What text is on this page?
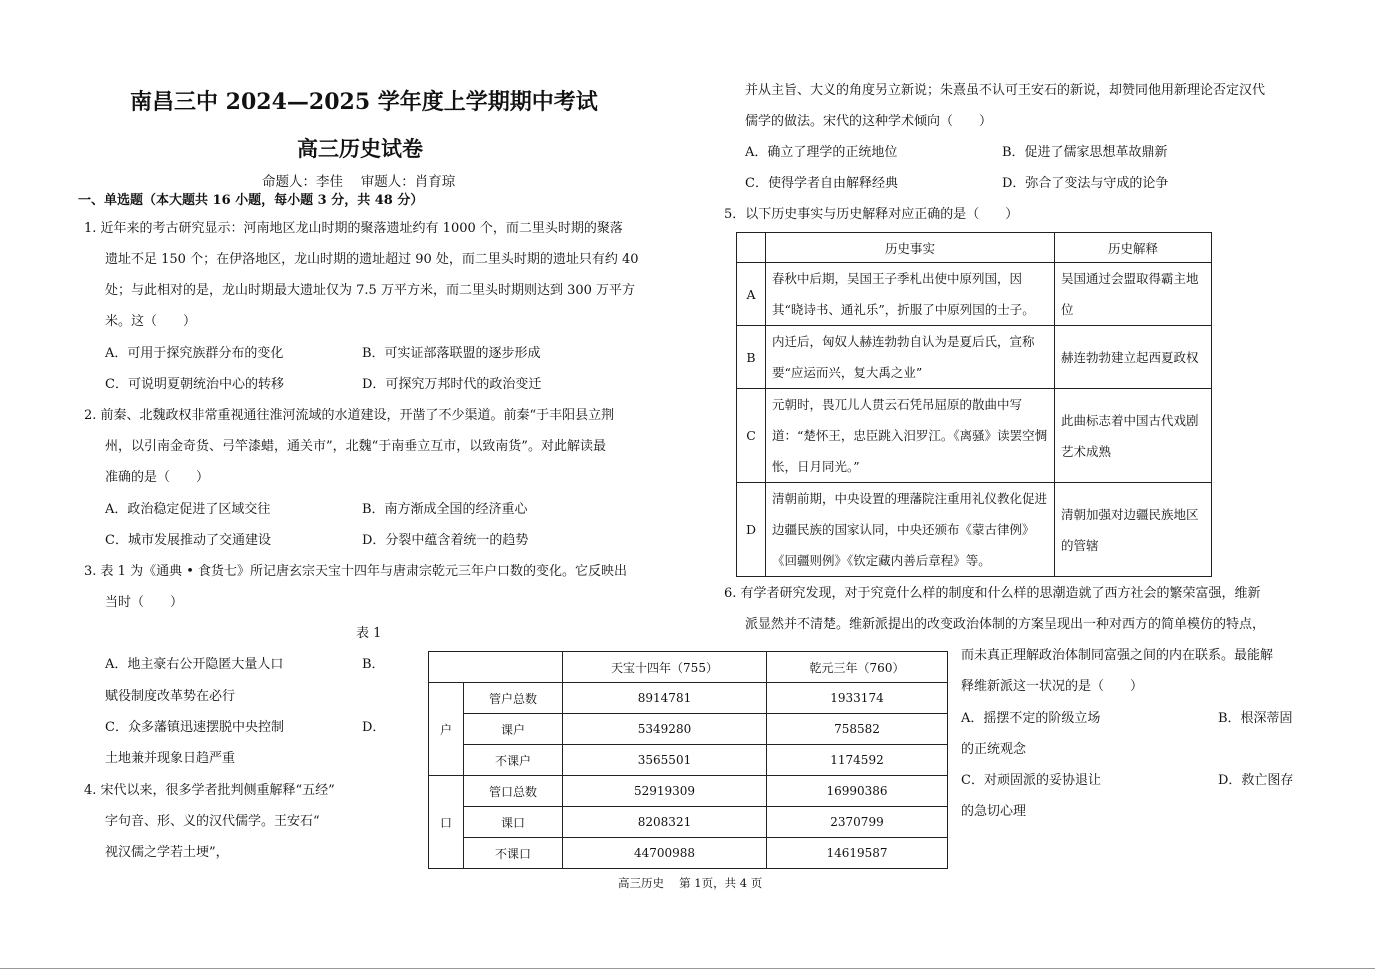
南昌三中 2024—2025 学年度上学期期中考试
高三历史试卷
命题人：李佳　 审题人：肖育琼
一、单选题（本大题共 16 小题，每小题 3 分，共 48 分）
1. 近年来的考古研究显示：河南地区龙山时期的聚落遗址约有 1000 个，而二里头时期的聚落
遗址不足 150 个；在伊洛地区，龙山时期的遗址超过 90 处，而二里头时期的遗址只有约 40
处；与此相对的是，龙山时期最大遗址仅为 7.5 万平方米，而二里头时期则达到 300 万平方
米。这（　　）
A．可用于探究族群分布的变化	B．可实证部落联盟的逐步形成
C．可说明夏朝统治中心的转移	D．可探究万邦时代的政治变迁
2. 前秦、北魏政权非常重视通往淮河流域的水道建设，开凿了不少渠道。前秦“于丰阳县立荆
州，以引南金奇货、弓竿漆蜡，通关市”，北魏“于南垂立互市，以致南货”。对此解读最
准确的是（　　）
A．政治稳定促进了区域交往	B．南方渐成全国的经济重心
C．城市发展推动了交通建设	D．分裂中蕴含着统一的趋势
3. 表 1 为《通典 • 食货七》所记唐玄宗天宝十四年与唐肃宗乾元三年户口数的变化。它反映出
当时（　　）
表 1
A．地主豪右公开隐匿大量人口	B．
赋役制度改革势在必行
C．众多藩镇迅速摆脱中央控制	D．
土地兼并现象日趋严重
4. 宋代以来，很多学者批判侧重解释“五经”
字句音、形、义的汉代儒学。王安石“
视汉儒之学若土埂”，
		天宝十四年（755）	乾元三年（760）
户	管户总数	8914781	1933174
	课户	5349280	758582
	不课户	3565501	1174592
口	管口总数	52919309	16990386
	课口	8208321	2370799
	不课口	44700988	14619587
高三历史　 第 1页，共 4 页
并从主旨、大义的角度另立新说；朱熹虽不认可王安石的新说，却赞同他用新理论否定汉代
儒学的做法。宋代的这种学术倾向（　　）
A．确立了理学的正统地位	B．促进了儒家思想革故鼎新
C．使得学者自由解释经典	D．弥合了变法与守成的论争
5．以下历史事实与历史解释对应正确的是（　　）
	历史事实	历史解释
A	春秋中后期，吴国王子季札出使中原列国，因其“晓诗书、通礼乐”，折服了中原列国的士子。	吴国通过会盟取得霸主地位

B	内迁后，匈奴人赫连勃勃自认为是夏后氏，宣称要“应运而兴，复大禹之业”	赫连勃勃建立起西夏政权

C	元朝时，畏兀儿人贯云石凭吊屈原的散曲中写道：“楚怀王，忠臣跳入汨罗江。《离骚》读罢空惆怅，日月同光。”	此曲标志着中国古代戏剧艺术成熟

D	清朝前期，中央设置的理藩院注重用礼仪教化促进边疆民族的国家认同，中央还颁布《蒙古律例》《回疆则例》《钦定藏内善后章程》等。	清朝加强对边疆民族地区的管辖
6. 有学者研究发现，对于究竟什么样的制度和什么样的思潮造就了西方社会的繁荣富强，维新
派显然并不清楚。维新派提出的改变政治体制的方案呈现出一种对西方的简单模仿的特点，
而未真正理解政治体制同富强之间的内在联系。最能解
释维新派这一状况的是（　　）
A．摇摆不定的阶级立场	B．根深蒂固
的正统观念
C．对顽固派的妥协退让	D．救亡图存
的急切心理
